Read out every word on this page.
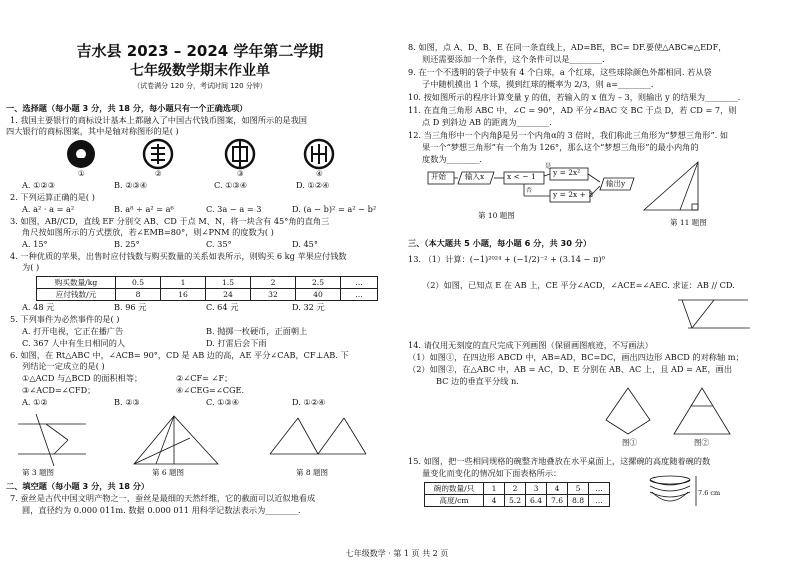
吉水县 2023 – 2024 学年第二学期
七年级数学期末作业单
（试卷满分 120 分，考试时间 120 分钟）
一、选择题（每小题 3 分，共 18 分，每小题只有一个正确选项）
1. 我国主要银行的商标设计基本上都融入了中国古代钱币图案，如图所示的是我国
四大银行的商标图案，其中是轴对称图形的是( )
①	②	③	④
A. ①②③	B. ②③④	C. ①③④	D. ①②④
2. 下列运算正确的是( )
A. a² · a = a²	B. a⁸ ÷ a² = a⁶	C. 3a − a = 3	D. (a − b)² = a² − b²
3. 如图，AB//CD，直线 EF 分别交 AB、CD 于点 M、N，将一块含有 45°角的直角三
角尺按如图所示的方式摆放，若∠EMB=80°，则∠PNM 的度数为( )
A. 15°	B. 25°	C. 35°	D. 45°
4. 一种优质的苹果，出售时应付钱数与购买数量的关系如表所示，则购买 6 kg 苹果应付钱数
为( )
购买数量/kg	0.5	1	1.5	2	2.5	…
应付钱数/元	8	16	24	32	40	…
A. 48 元	B. 96 元	C. 64 元	D. 32 元
5. 下列事件为必然事件的是( )
A. 打开电视，它正在播广告	B. 抛掷一枚硬币，正面朝上
C. 367 人中有生日相同的人	D. 打雷后会下雨
6. 如图，在 Rt△ABC 中，∠ACB= 90°，CD 是 AB 边的高，AE 平分∠CAB，CF⊥AB. 下
列结论一定成立的是( )
①△ACD 与△BCD 的面积相等；	②∠CF= ∠F；
③∠ACD=∠CFD；	④∠CEG=∠CGE.
A. ①②	B. ②③	C. ①③④	D. ①②④
第 3 题图	第 6 题图	第 8 题图
二、填空题（每小题 3 分，共 18 分）
7. 蚕丝是古代中国文明产物之一，蚕丝是最细的天然纤维，它的截面可以近似地看成
圆，直径约为 0.000 011m. 数据 0.000 011 用科学记数法表示为________.
8. 如图，点 A、D、B、E 在同一条直线上，AD=BE，BC= DF.要使△ABC≌△EDF，
则还需要添加一个条件，这个条件可以是________.
9. 在一个不透明的袋子中装有 4 个白球，a 个红球，这些球除颜色外都相同. 若从袋
子中随机摸出 1 个球，摸到红球的概率为 2/3，则 a=________.
10. 按如图所示的程序计算变量 y 的值，若输入的 x 值为 – 3，则输出 y 的结果为________.
11. 在直角三角形 ABC 中，∠C = 90°，AD 平分∠BAC 交 BC 于点 D，若 CD = 7，则
点 D 到斜边 AB 的距离为________.
12. 当三角形中一个内角β是另一个内角α的 3 倍时，我们称此三角形为“梦想三角形”. 如
果一个“梦想三角形”有一个角为 126°，那么这个“梦想三角形”的最小内角的
度数为________.
开始	输入x	x < − 1
是
否
y = 2x²
y = 2x + 3
输出y
第 10 题图
第 11 题图
三、（本大题共 5 小题，每小题 6 分，共 30 分）
13. （1）计算：(−1)²⁰²⁴ + (−1/2)⁻² + (3.14 − π)⁰
（2）如图，已知点 E 在 AB 上，CE 平分∠ACD，∠ACE=∠AEC. 求证：AB // CD.
14. 请仅用无刻度的直尺完成下列画图（保留画图痕迹，不写画法）
（1）如图①，在四边形 ABCD 中，AB=AD，BC=DC，画出四边形 ABCD 的对称轴 m；
（2）如图②，在△ABC 中，AB = AC，D、E 分别在 AB、AC 上，且 AD = AE，画出
BC 边的垂直平分线 n.
图①	图②
15. 如图，把一些相同规格的碗整齐地叠放在水平桌面上，这摞碗的高度随着碗的数
量变化而变化的情况如下面表格所示：
碗的数量/只	1	2	3	4	5	…
高度/cm	4	5.2	6.4	7.6	8.8	…
7.6 cm
七年级数学 · 第 1 页 共 2 页
